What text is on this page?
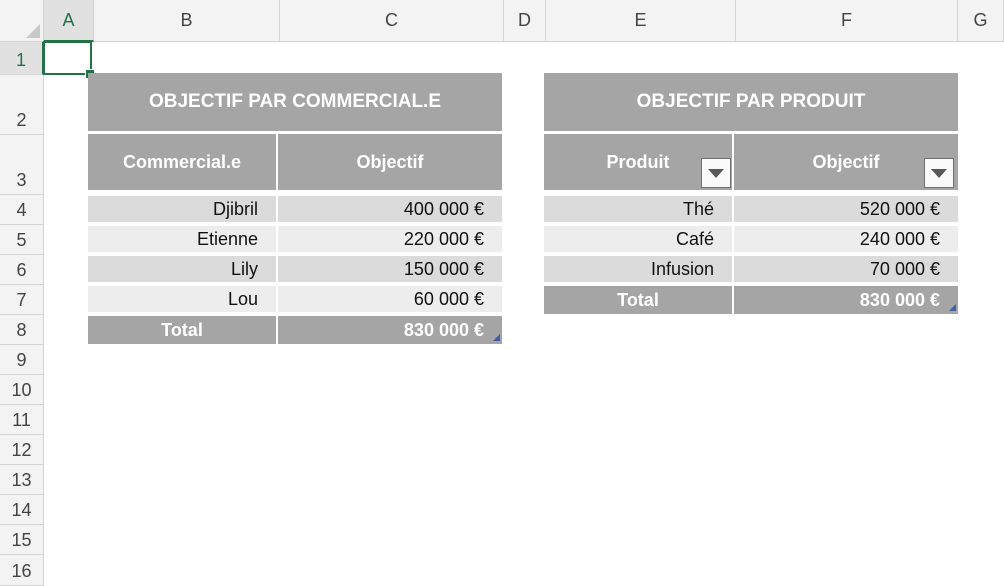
A	B	C	D	E	F	G
1
2
3
4
5
6
7
8
9
10
11
12
13
14
15
16
OBJECTIF PAR COMMERCIAL.E
Commercial.e	Objectif
Djibril	400 000 €
Etienne	220 000 €
Lily	150 000 €
Lou	60 000 €
Total	830 000 €
OBJECTIF PAR PRODUIT
Produit	Objectif
Thé	520 000 €
Café	240 000 €
Infusion	70 000 €
Total	830 000 €
